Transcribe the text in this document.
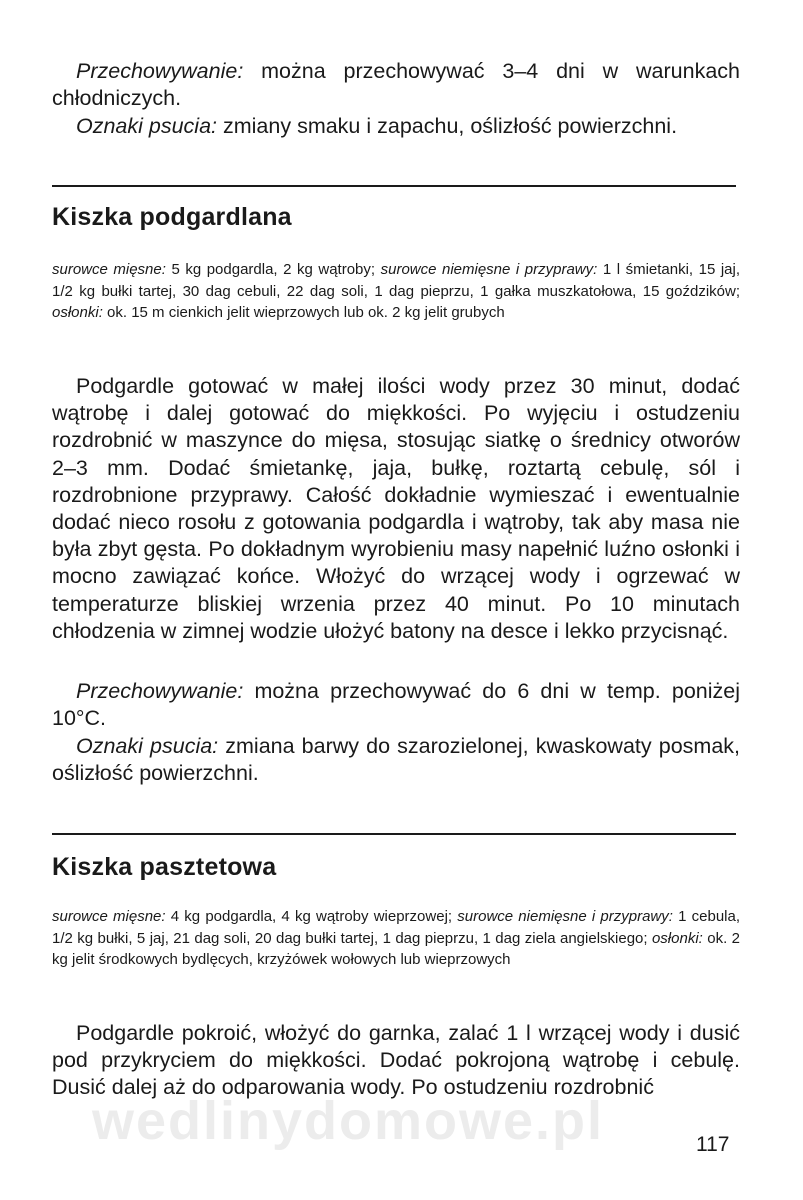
Przechowywanie: można przechowywać 3–4 dni w warunkach chłodniczych.

Oznaki psucia: zmiany smaku i zapachu, oślizłość powierzchni.

Kiszka podgardlana

surowce mięsne: 5 kg podgardla, 2 kg wątroby; surowce niemięsne i przyprawy: 1 l śmietanki, 15 jaj, 1/2 kg bułki tartej, 30 dag cebuli, 22 dag soli, 1 dag pieprzu, 1 gałka muszkatołowa, 15 goździków; osłonki: ok. 15 m cienkich jelit wieprzowych lub ok. 2 kg jelit grubych

Podgardle gotować w małej ilości wody przez 30 minut, dodać wątrobę i dalej gotować do miękkości. Po wyjęciu i ostudzeniu rozdrobnić w maszynce do mięsa, stosując siatkę o średnicy otworów 2–3 mm. Dodać śmietankę, jaja, bułkę, roztartą cebulę, sól i rozdrobnione przyprawy. Całość dokładnie wymieszać i ewentualnie dodać nieco rosołu z gotowania podgardla i wątroby, tak aby masa nie była zbyt gęsta. Po dokładnym wyrobieniu masy napełnić luźno osłonki i mocno zawiązać końce. Włożyć do wrzącej wody i ogrzewać w temperaturze bliskiej wrzenia przez 40 minut. Po 10 minutach chłodzenia w zimnej wodzie ułożyć batony na desce i lekko przycisnąć.

Przechowywanie: można przechowywać do 6 dni w temp. poniżej 10°C.

Oznaki psucia: zmiana barwy do szarozielonej, kwaskowaty posmak, oślizłość powierzchni.

Kiszka pasztetowa

surowce mięsne: 4 kg podgardla, 4 kg wątroby wieprzowej; surowce niemięsne i przyprawy: 1 cebula, 1/2 kg bułki, 5 jaj, 21 dag soli, 20 dag bułki tartej, 1 dag pieprzu, 1 dag ziela angielskiego; osłonki: ok. 2 kg jelit środkowych bydlęcych, krzyżówek wołowych lub wieprzowych

Podgardle pokroić, włożyć do garnka, zalać 1 l wrzącej wody i dusić pod przykryciem do miękkości. Dodać pokrojoną wątrobę i cebulę. Dusić dalej aż do odparowania wody. Po ostudzeniu rozdrobnić

wedlinydomowe.pl	117
